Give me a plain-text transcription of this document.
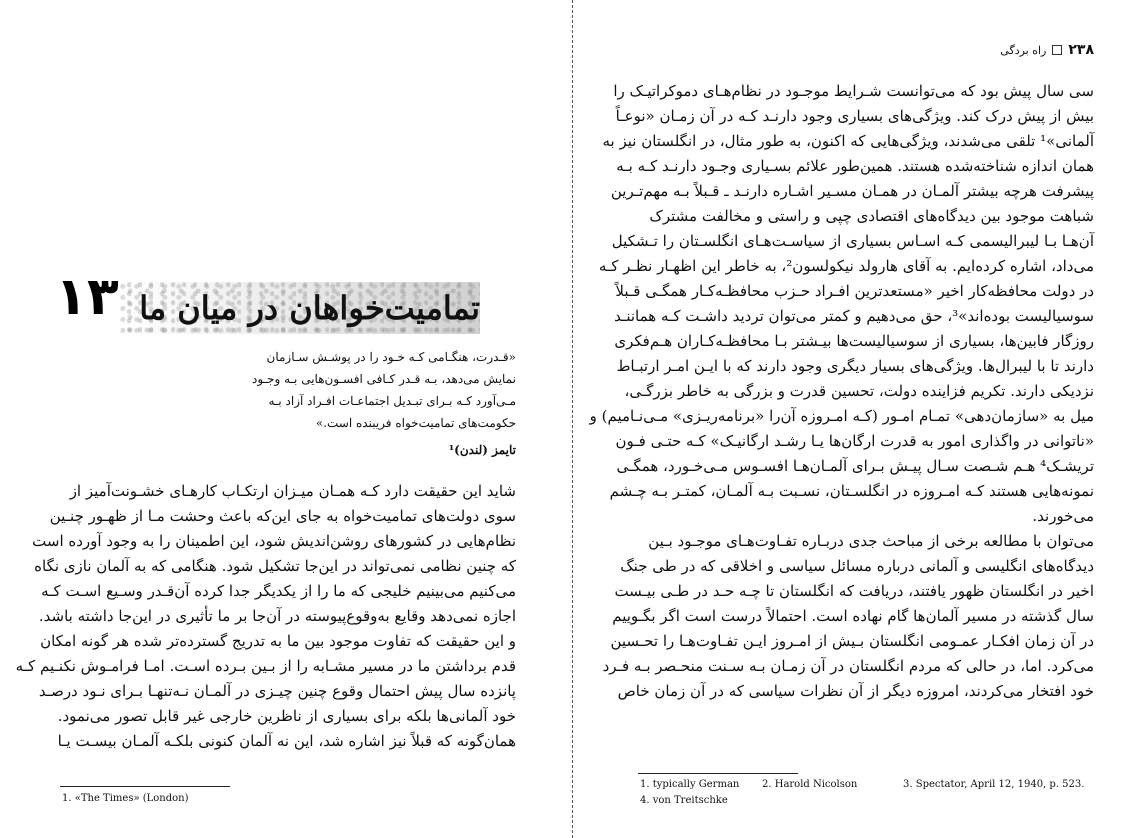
۱۳ تمامیت‌خواهان در میان ما
«قـدرت، هنگـامی کـه خـود را در پوشـش سـازمان
نمایش می‌دهد، بـه قـدر کـافی افسـون‌هایی بـه وجـود
مـی‌آورد کـه بـرای تبـدیل اجتماعـات افـراد آزاد بـه
حکومت‌های تمامیت‌خواه فریبنده است.»
تایمز (لندن)¹
شاید این حقیقت دارد کـه همـان میـزان ارتکـاب کارهـای خشـونت‌آمیز از
سوی دولت‌های تمامیت‌خواه به جای این‌که باعث وحشت مـا از ظهـور چنـین
نظام‌هایی در کشورهای روشن‌اندیش شود، این اطمینان را به وجود آورده است
که چنین نظامی نمی‌تواند در این‌جا تشکیل شود. هنگامی که به آلمان نازی نگاه
می‌کنیم می‌بینیم خلیجی که ما را از یکدیگر جدا کرده آن‌قـدر وسـیع اسـت کـه
اجازه نمی‌دهد وقایع به‌وقوع‌پیوسته در آن‌جا بر ما تأثیری در این‌جا داشته باشد.
و این حقیقت که تفاوت موجود بین ما به تدریج گسترده‌تر شده هر گونه امکان
قدم برداشتن ما در مسیر مشـابه را از بـین بـرده اسـت. امـا فرامـوش نکنـیم کـه
پانزده سال پیش احتمال وقوع چنین چیـزی در آلمـان نـه‌تنهـا بـرای نـود درصـد
خود آلمانی‌ها بلکه برای بسیاری از ناظرین خارجی غیر قابل تصور می‌نمود.
همان‌گونه که قبلاً نیز اشاره شد، این نه آلمان کنونی بلکـه آلمـان بیسـت یـا
1. «The Times» (London)
راه بردگی ۲۳۸
سی سال پیش بود که می‌توانست شـرایط موجـود در نظام‌هـای دموکراتیـک را
بیش از پیش درک کند. ویژگی‌های بسیاری وجود دارنـد کـه در آن زمـان «نوعـاً
آلمانی»¹ تلقی می‌شدند، ویژگی‌هایی که اکنون، به طور مثال، در انگلستان نیز به
همان اندازه شناخته‌شده هستند. همین‌طور علائم بسـیاری وجـود دارنـد کـه بـه
پیشرفت هرچه بیشتر آلمـان در همـان مسـیر اشـاره دارنـد ـ قـبلاً بـه مهم‌تـرین
شباهت موجود بین دیدگاه‌های اقتصادی چپی و راستی و مخالفت مشترک
آن‌هـا بـا لیبرالیسمی کـه اسـاس بسیاری از سیاسـت‌هـای انگلسـتان را تـشکیل
می‌داد، اشاره کرده‌ایم. به آقای هارولد نیکولسون²، به خاطر این اظهـار نظـر کـه
در دولت محافظه‌کار اخیر «مستعدترین افـراد حـزب محافظـه‌کـار همگـی قـبلاً
سوسیالیست بوده‌اند»³، حق می‌دهیم و کمتر می‌توان تردید داشـت کـه هماننـد
روزگار فابین‌ها، بسیاری از سوسیالیست‌ها بیـشتر بـا محافظـه‌کـاران هـم‌فکری
دارند تا با لیبرال‌ها. ویژگی‌های بسیار دیگری وجود دارند که با ایـن امـر ارتبـاط
نزدیکی دارند. تکریم فزاینده دولت، تحسین قدرت و بزرگی به خاطر بزرگـی،
میل به «سازمان‌دهی» تمـام امـور (کـه امـروزه آن‌را «برنامه‌ریـزی» مـی‌نـامیم) و
«ناتوانی در واگذاری امور به قدرت ارگان‌ها یـا رشـد ارگانیـک» کـه حتـی فـون
تریشـک⁴ هـم شـصت سـال پیـش بـرای آلمـان‌هـا افسـوس مـی‌خـورد، همگـی
نمونه‌هایی هستند کـه امـروزه در انگلسـتان، نسـبت بـه آلمـان، کمتـر بـه چـشم
می‌خورند.
می‌توان با مطالعه برخی از مباحث جدی دربـاره تفـاوت‌هـای موجـود بـین
دیدگاه‌های انگلیسی و آلمانی درباره مسائل سیاسی و اخلاقی که در طی جنگ
اخیر در انگلستان ظهور یافتند، دریافت که انگلستان تا چـه حـد در طـی بیـست
سال گذشته در مسیر آلمان‌ها گام نهاده است. احتمالاً درست است اگر بگـوییم
در آن زمان افکـار عمـومی انگلستان بـیش از امـروز ایـن تفـاوت‌هـا را تحـسین
می‌کرد. اما، در حالی که مردم انگلستان در آن زمـان بـه سـنت منحـصر بـه فـرد
خود افتخار می‌کردند، امروزه دیگر از آن نظرات سیاسی که در آن زمان خاص
1. typically German 2. Harold Nicolson	3. Spectator, April 12, 1940, p. 523.
4. von Treitschke
